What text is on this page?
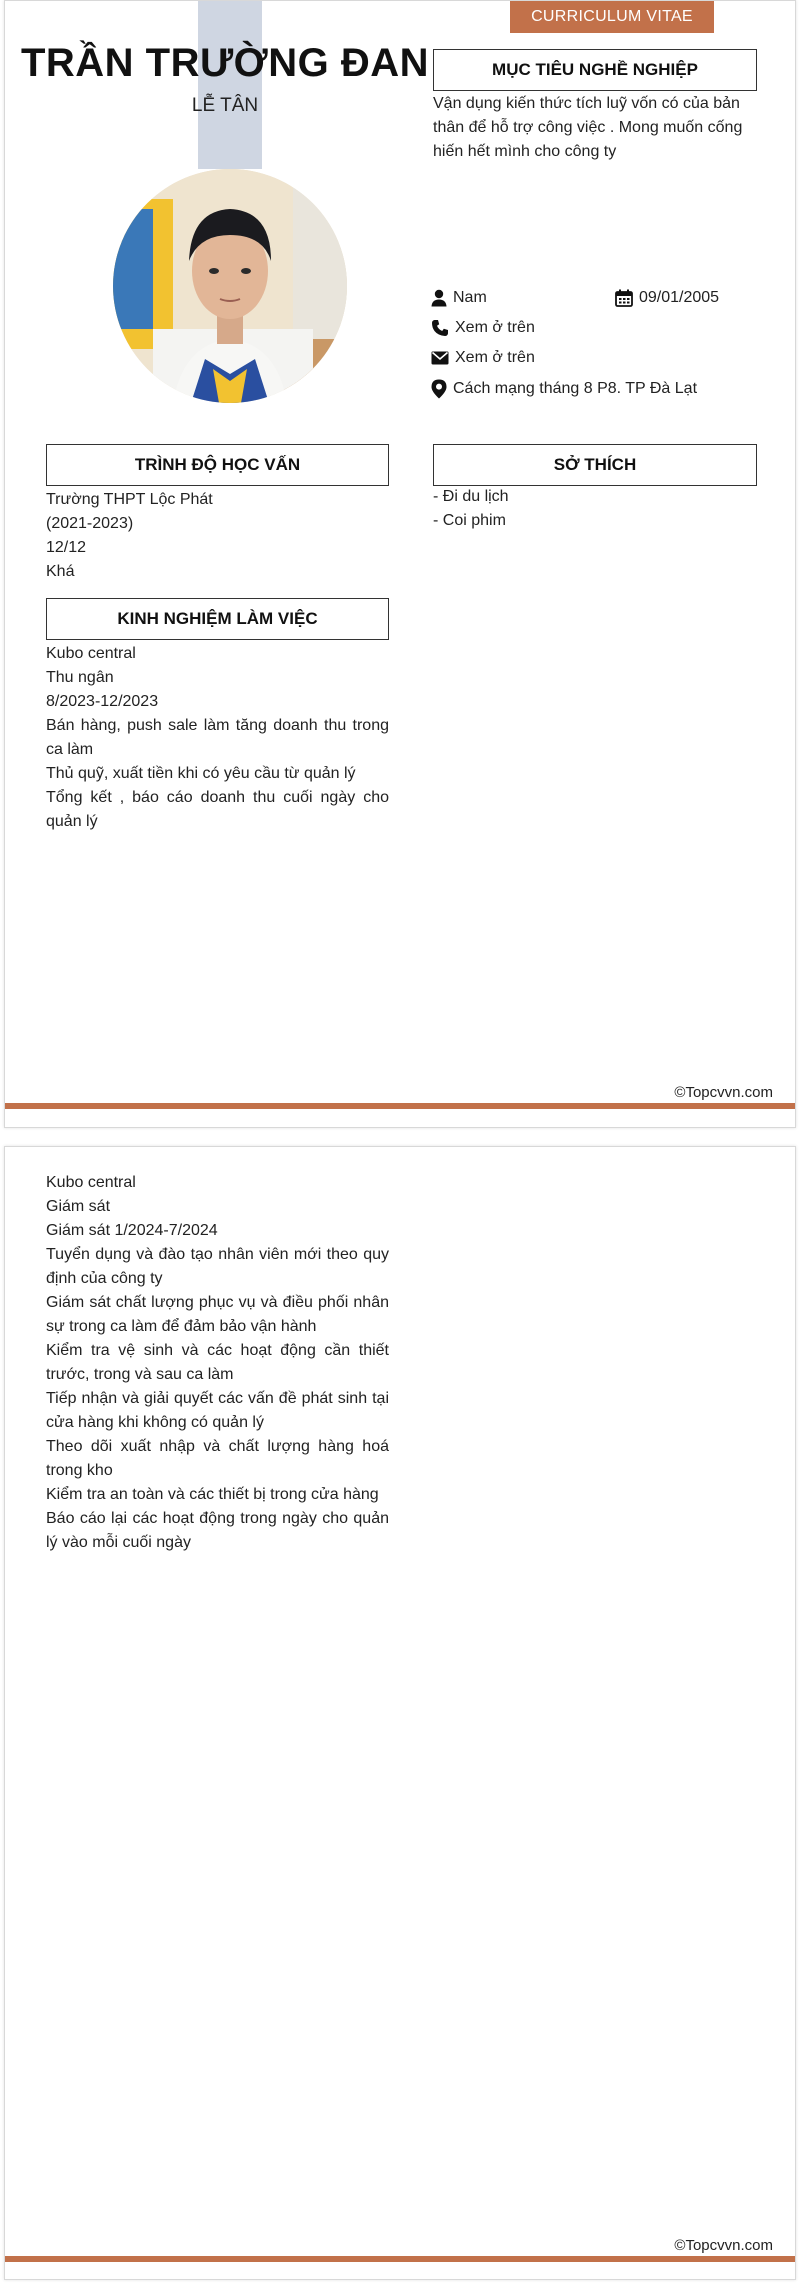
CURRICULUM VITAE
TRẦN TRƯỜNG ĐAN
LỄ TÂN
MỤC TIÊU NGHỀ NGHIỆP
Vận dụng kiến thức tích luỹ vốn có của bản thân để hỗ trợ công việc . Mong muốn cống hiến hết mình cho công ty
Nam	09/01/2005
Xem ở trên
Xem ở trên
Cách mạng tháng 8 P8. TP Đà Lạt
TRÌNH ĐỘ HỌC VẤN

Trường THPT Lộc Phát

(2021-2023)

12/12

Khá

SỞ THÍCH

- Đi du lịch

- Coi phim

KINH NGHIỆM LÀM VIỆC

Kubo central

Thu ngân

8/2023-12/2023

Bán hàng, push sale làm tăng doanh thu trong ca làm

Thủ quỹ, xuất tiền khi có yêu cầu từ quản lý

Tổng kết , báo cáo doanh thu cuối ngày cho quản lý

©Topcvvn.com

Kubo central

Giám sát

Giám sát 1/2024-7/2024

Tuyển dụng và đào tạo nhân viên mới theo quy định của công ty

Giám sát chất lượng phục vụ và điều phối nhân sự trong ca làm để đảm bảo vận hành

Kiểm tra vệ sinh và các hoạt động cần thiết trước, trong và sau ca làm

Tiếp nhận và giải quyết các vấn đề phát sinh tại cửa hàng khi không có quản lý

Theo dõi xuất nhập và chất lượng hàng hoá trong kho

Kiểm tra an toàn và các thiết bị trong cửa hàng

Báo cáo lại các hoạt động trong ngày cho quản lý vào mỗi cuối ngày

©Topcvvn.com
